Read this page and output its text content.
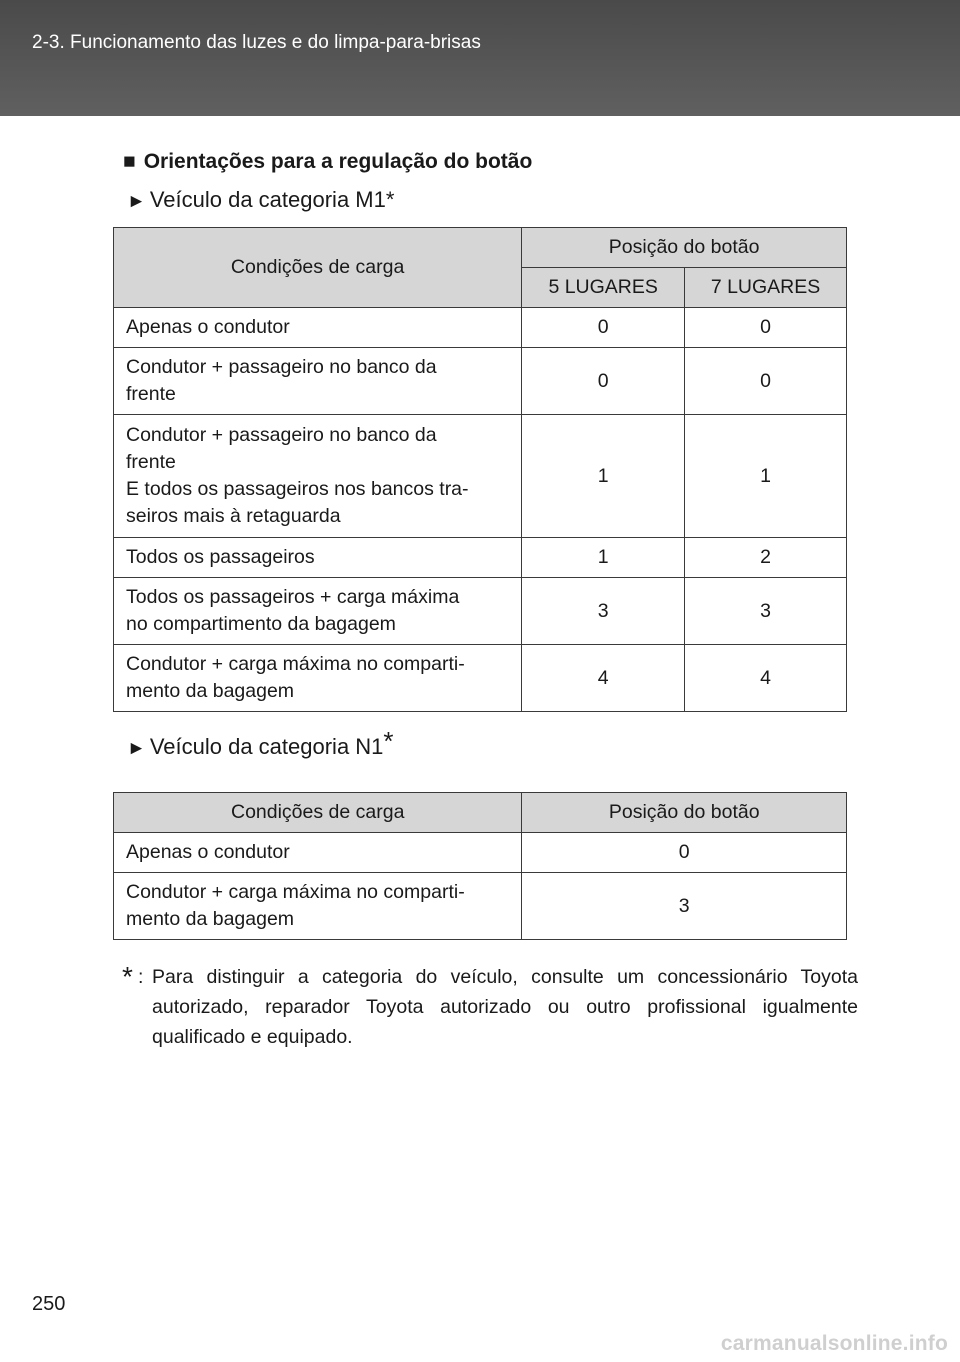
2-3. Funcionamento das luzes e do limpa-para-brisas
■ Orientações para a regulação do botão
► Veículo da categoria M1*
Condições de carga	Posição do botão	
	5 LUGARES	7 LUGARES

Apenas o condutor	0	0

Condutor + passageiro no banco da
frente	0	0

Condutor + passageiro no banco da
frente
E todos os passageiros nos bancos tra-
seiros mais à retaguarda	1	1

Todos os passageiros	1	2

Todos os passageiros + carga máxima
no compartimento da bagagem	3	3

Condutor + carga máxima no comparti-
mento da bagagem	4	4
► Veículo da categoria N1*
Condições de carga	Posição do botão

Apenas o condutor	0

Condutor + carga máxima no comparti-
mento da bagagem	3
* : Para distinguir a categoria do veículo, consulte um concessionário Toyota autorizado, reparador Toyota autorizado ou outro profissional igualmente qualificado e equipado.
250
carmanualsonline.info
